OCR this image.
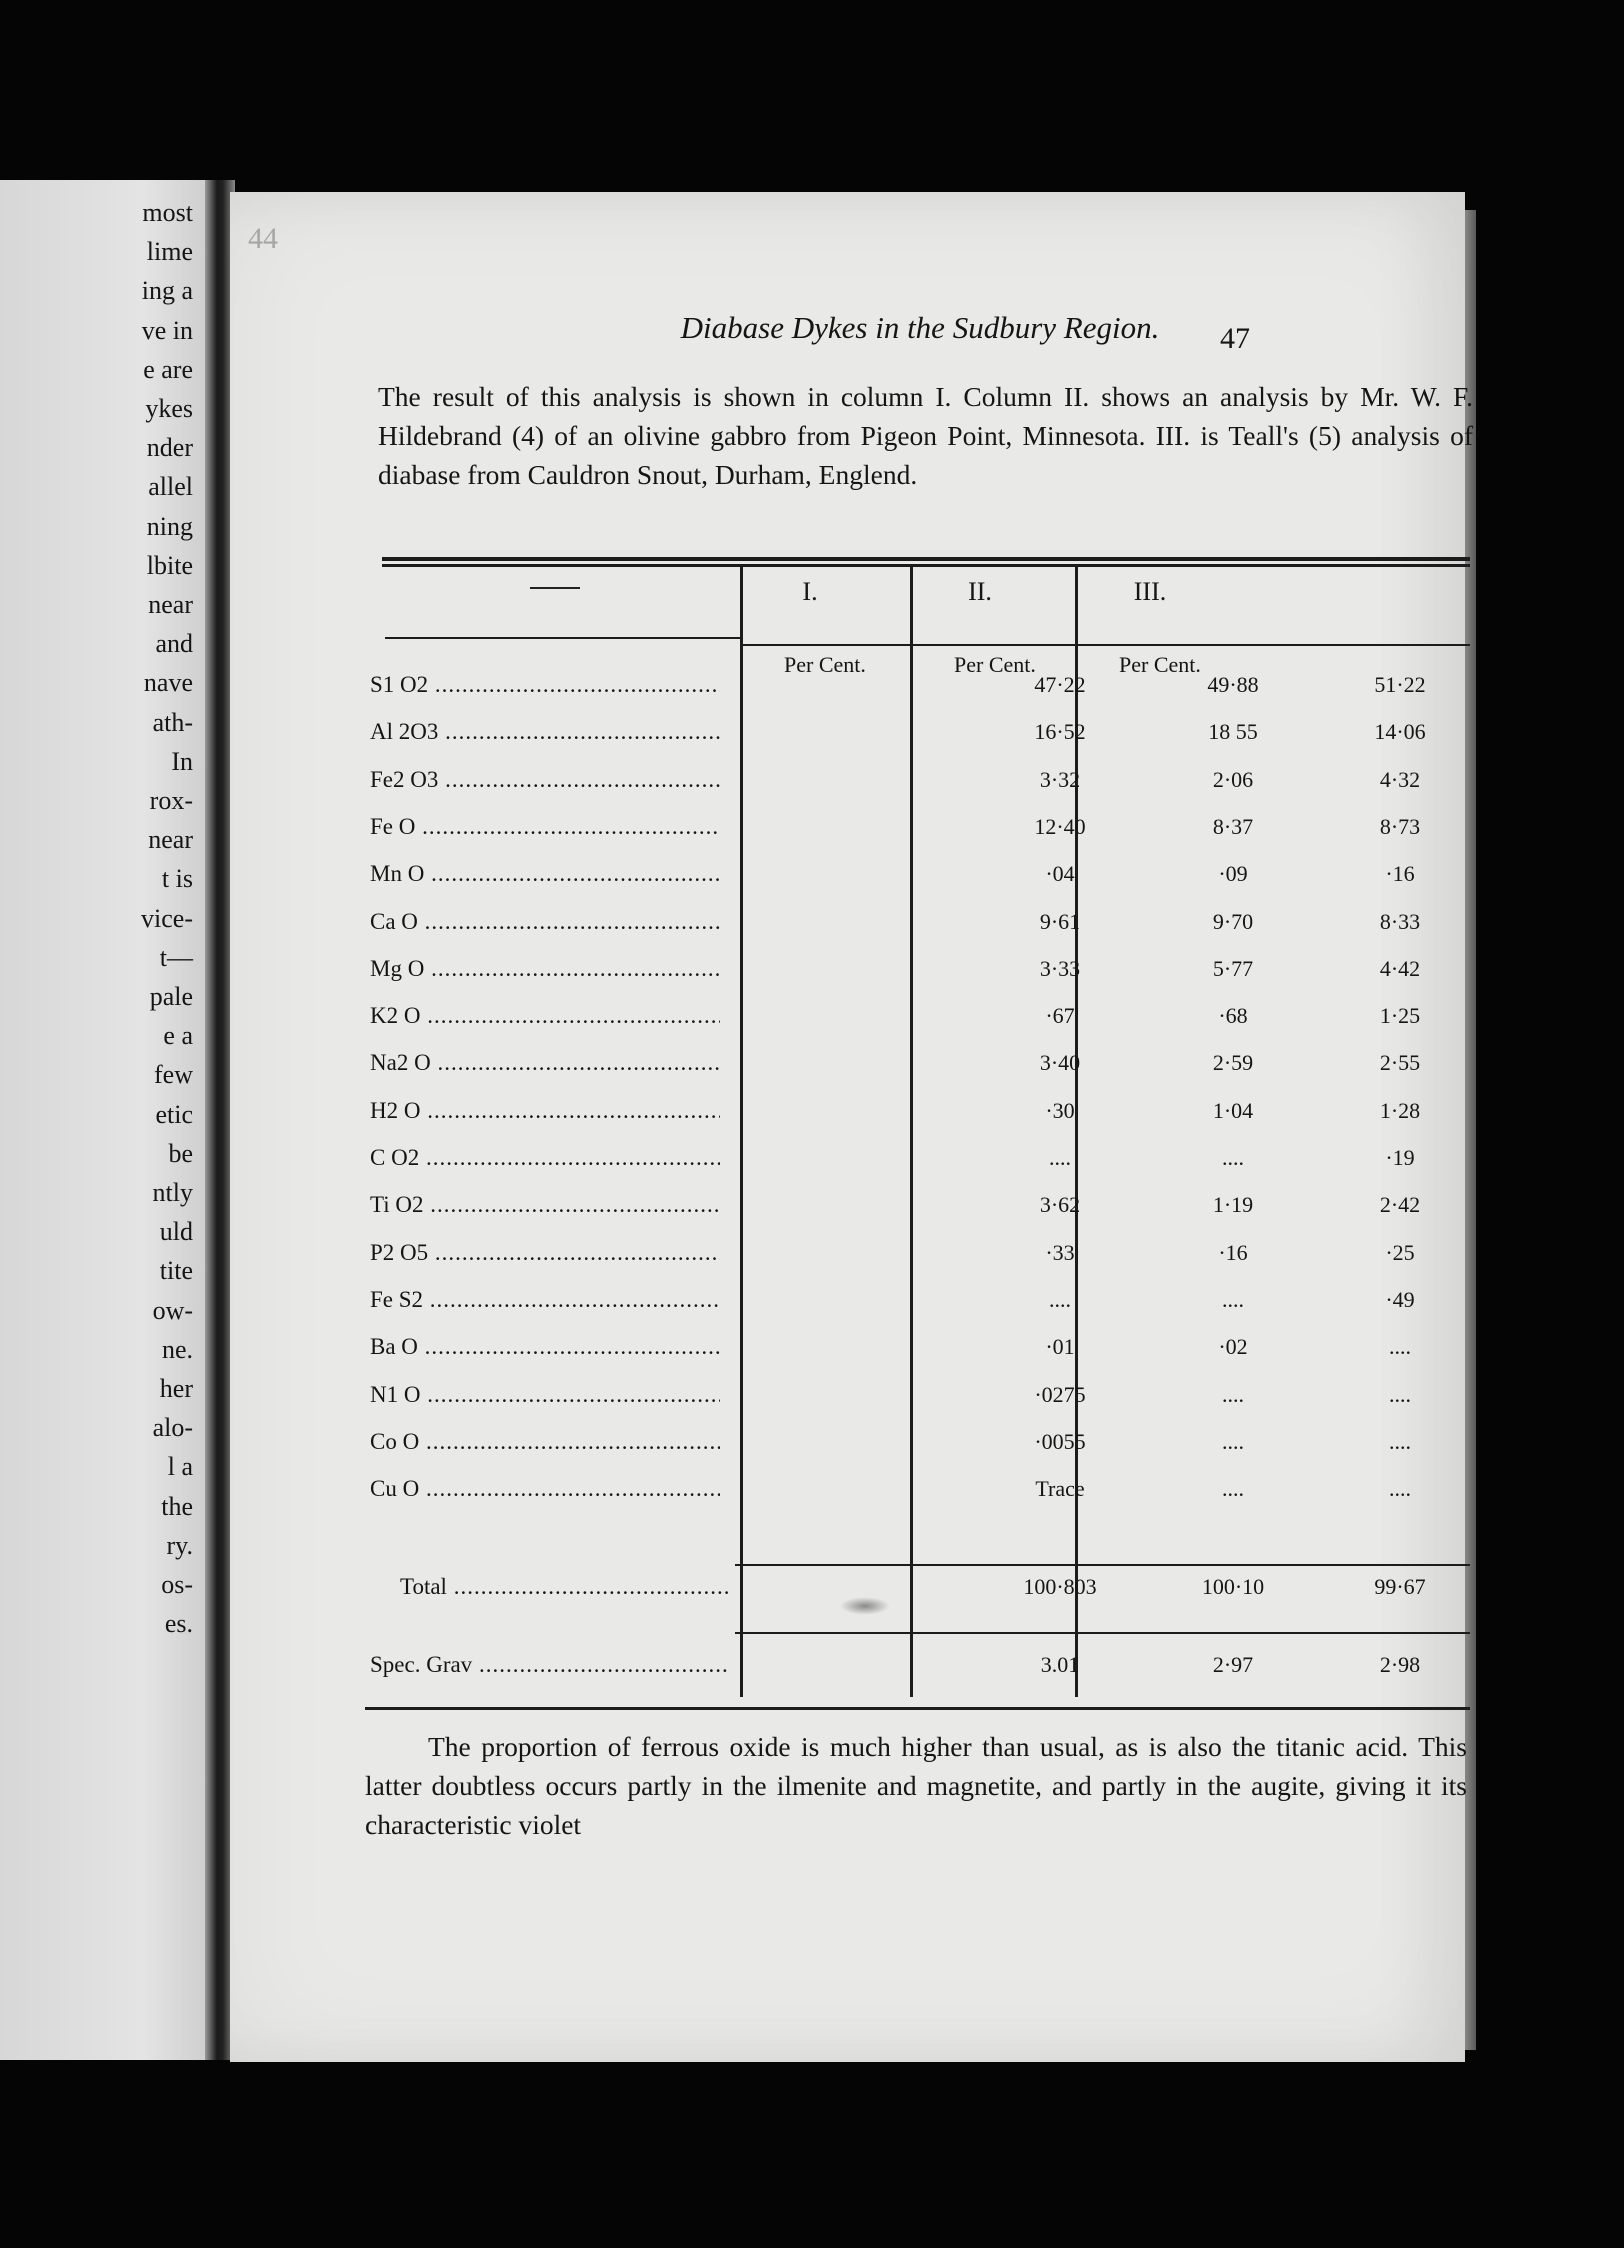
most
lime
ing a
ve in
e are
ykes
nder
allel
ning
lbite
near
and
nave
ath-
In
rox-
near
t is
vice-
t—
pale
e a
few
etic
be
ntly
uld
tite
ow-
ne.
her
alo-
l a
the
ry.
os-
es.
44
Diabase Dykes in the Sudbury Region.	47
The result of this analysis is shown in column I. Column II. shows an analysis by Mr. W. F. Hildebrand (4) of an olivine gabbro from Pigeon Point, Minnesota. III. is Teall's (5) analysis of diabase from Cauldron Snout, Durham, Englend.
I.	II.	III.
Per Cent.	Per Cent.	Per Cent.
S1 O2 .....	47·22	49·88	51·22
Al 2O3 .....	16·52	18 55	14·06
Fe2 O3 .....	3·32	2·06	4·32
Fe O .....	12·40	8·37	8·73
Mn O .....	·04	·09	·16
Ca O .....	9·61	9·70	8·33
Mg O .....	3·33	5·77	4·42
K2 O .....	·67	·68	1·25
Na2 O .....	3·40	2·59	2·55
H2 O .....	·30	1·04	1·28
C O2 .....	....	....	·19
Ti O2 .....	3·62	1·19	2·42
P2 O5 .....	·33	·16	·25
Fe S2 .....	....	....	·49
Ba O .....	·01	·02	....
N1 O .....	·0275	....	....
Co O .....	·0055	....	....
Cu O .....	Trace	....	....
Total .....	100·803	100·10	99·67
Spec. Grav .....	3.01	2·97	2·98
The proportion of ferrous oxide is much higher than usual, as is also the titanic acid. This latter doubtless occurs partly in the ilmenite and magnetite, and partly in the augite, giving it its characteristic violet
